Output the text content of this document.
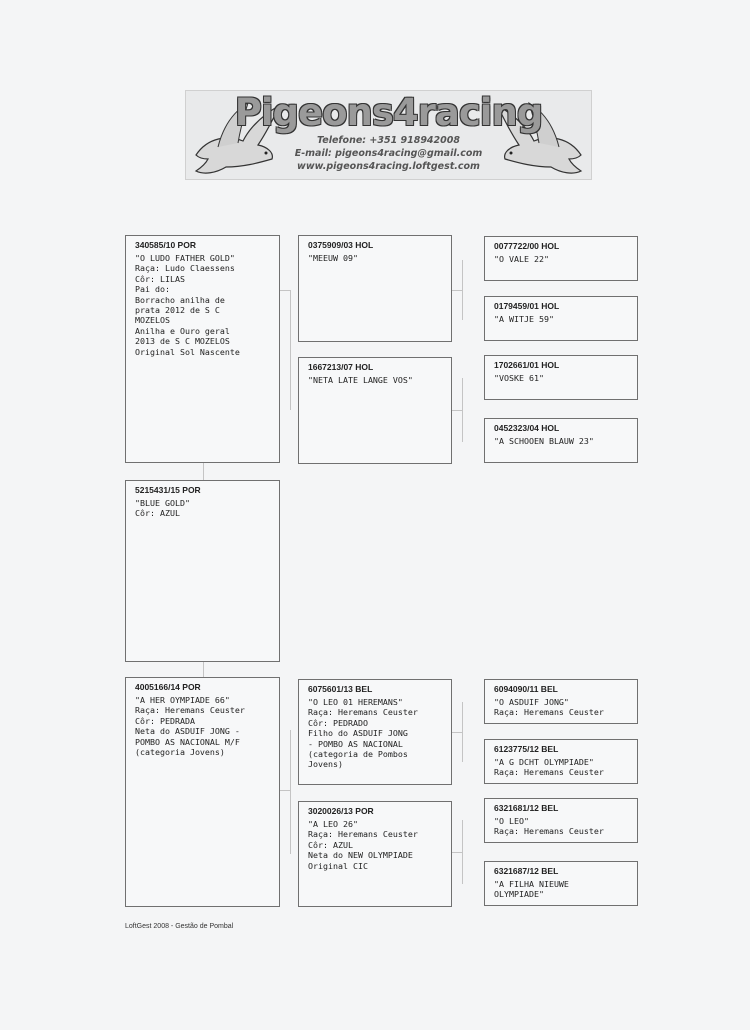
Pigeons4racing
Telefone: +351 918942008
E-mail: pigeons4racing@gmail.com
www.pigeons4racing.loftgest.com
340585/10 POR
"O LUDO FATHER GOLD"
Raça: Ludo Claessens
Côr: LILAS
Pai do:
Borracho anilha de
prata 2012 de S C
MOZELOS
Anilha e Ouro geral
2013 de S C MOZELOS
Original Sol Nascente
5215431/15 POR
"BLUE GOLD"
Côr: AZUL
4005166/14 POR
"A HER OYMPIADE 66"
Raça: Heremans Ceuster
Côr: PEDRADA
Neta do ASDUIF JONG -
POMBO AS NACIONAL M/F
(categoria Jovens)
0375909/03 HOL
"MEEUW 09"
1667213/07 HOL
"NETA LATE LANGE VOS"
6075601/13 BEL
"O LEO 01 HEREMANS"
Raça: Heremans Ceuster
Côr: PEDRADO
Filho do ASDUIF JONG
- POMBO AS NACIONAL
(categoria de Pombos
Jovens)
3020026/13 POR
"A LEO 26"
Raça: Heremans Ceuster
Côr: AZUL
Neta do NEW OLYMPIADE
Original CIC
0077722/00 HOL
"O VALE 22"
0179459/01 HOL
"A WITJE 59"
1702661/01 HOL
"VOSKE 61"
0452323/04 HOL
"A SCHOOEN BLAUW 23"
6094090/11 BEL
"O ASDUIF JONG"
Raça: Heremans Ceuster
6123775/12 BEL
"A G DCHT OLYMPIADE"
Raça: Heremans Ceuster
6321681/12 BEL
"O LEO"
Raça: Heremans Ceuster
6321687/12 BEL
"A FILHA NIEUWE
OLYMPIADE"
LoftGest 2008 - Gestão de Pombal
